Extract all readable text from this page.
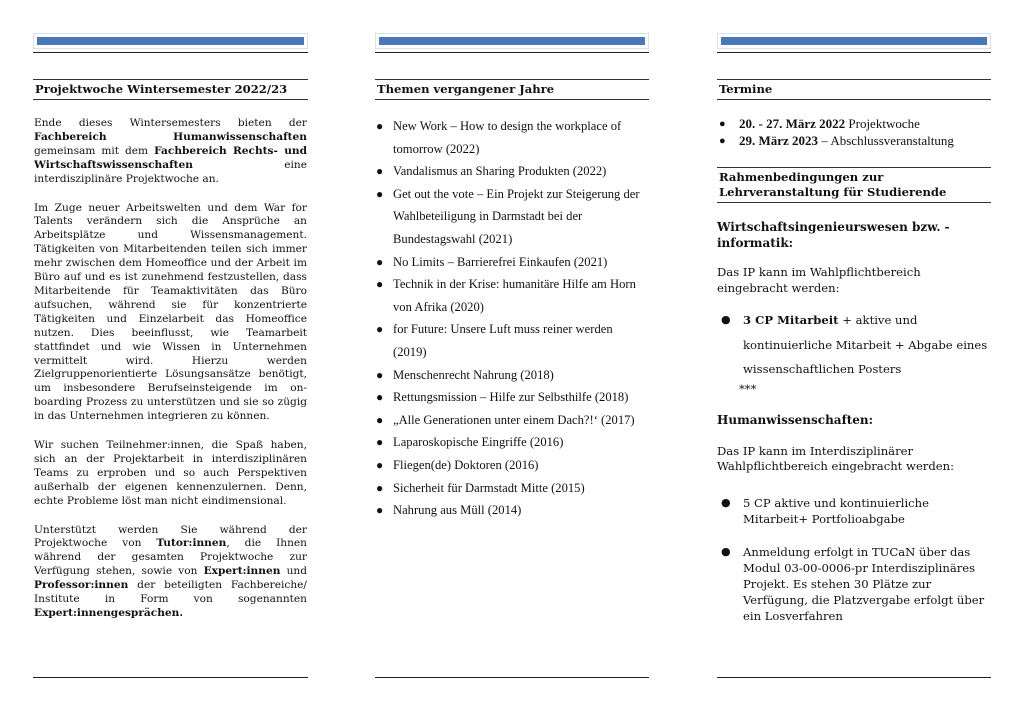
Projektwoche Wintersemester 2022/23

Ende dieses Wintersemesters bieten der Fachbereich Humanwissenschaften gemeinsam mit dem Fachbereich Rechts- und Wirtschaftswissenschaften eine interdisziplinäre Projektwoche an.

Im Zuge neuer Arbeitswelten und dem War for Talents verändern sich die Ansprüche an Arbeitsplätze und Wissensmanagement. Tätigkeiten von Mitarbeitenden teilen sich immer mehr zwischen dem Homeoffice und der Arbeit im Büro auf und es ist zunehmend festzustellen, dass Mitarbeitende für Teamaktivitäten das Büro aufsuchen, während sie für konzentrierte Tätigkeiten und Einzelarbeit das Homeoffice nutzen. Dies beeinflusst, wie Teamarbeit stattfindet und wie Wissen in Unternehmen vermittelt wird. Hierzu werden Zielgruppenorientierte Lösungsansätze benötigt, um insbesondere Berufseinsteigende im on-boarding Prozess zu unterstützen und sie so zügig in das Unternehmen integrieren zu können.

Wir suchen Teilnehmer:innen, die Spaß haben, sich an der Projektarbeit in interdisziplinären Teams zu erproben und so auch Perspektiven außerhalb der eigenen kennenzulernen. Denn, echte Probleme löst man nicht eindimensional.

Unterstützt werden Sie während der Projektwoche von Tutor:innen, die Ihnen während der gesamten Projektwoche zur Verfügung stehen, sowie von Expert:innen und Professor:innen der beteiligten Fachbereiche/ Institute in Form von sogenannten Expert:innengesprächen.

Themen vergangener Jahre
● New Work – How to design the workplace of tomorrow (2022)
● Vandalismus an Sharing Produkten (2022)
● Get out the vote – Ein Projekt zur Steigerung der Wahlbeteiligung in Darmstadt bei der Bundestagswahl (2021)
● No Limits – Barrierefrei Einkaufen (2021)
● Technik in der Krise: humanitäre Hilfe am Horn von Afrika (2020)
● for Future: Unsere Luft muss reiner werden (2019)
● Menschenrecht Nahrung (2018)
● Rettungsmission – Hilfe zur Selbsthilfe (2018)
● „Alle Generationen unter einem Dach?!‘ (2017)
● Laparoskopische Eingriffe (2016)
● Fliegen(de) Doktoren (2016)
● Sicherheit für Darmstadt Mitte (2015)
● Nahrung aus Müll (2014)
Termine
● 20. - 27. März 2022 Projektwoche
● 29. März 2023 – Abschlussveranstaltung
Rahmenbedingungen zur Lehrveranstaltung für Studierende

Wirtschaftsingenieurswesen bzw. -informatik:

Das IP kann im Wahlpflichtbereich eingebracht werden:

● 3 CP Mitarbeit + aktive und kontinuierliche Mitarbeit + Abgabe eines wissenschaftlichen Posters

***

Humanwissenschaften:

Das IP kann im Interdisziplinärer Wahlpflichtbereich eingebracht werden:

● 5 CP aktive und kontinuierliche Mitarbeit+ Portfolioabgabe
● Anmeldung erfolgt in TUCaN über das Modul 03-00-0006-pr Interdisziplinäres Projekt. Es stehen 30 Plätze zur Verfügung, die Platzvergabe erfolgt über ein Losverfahren
